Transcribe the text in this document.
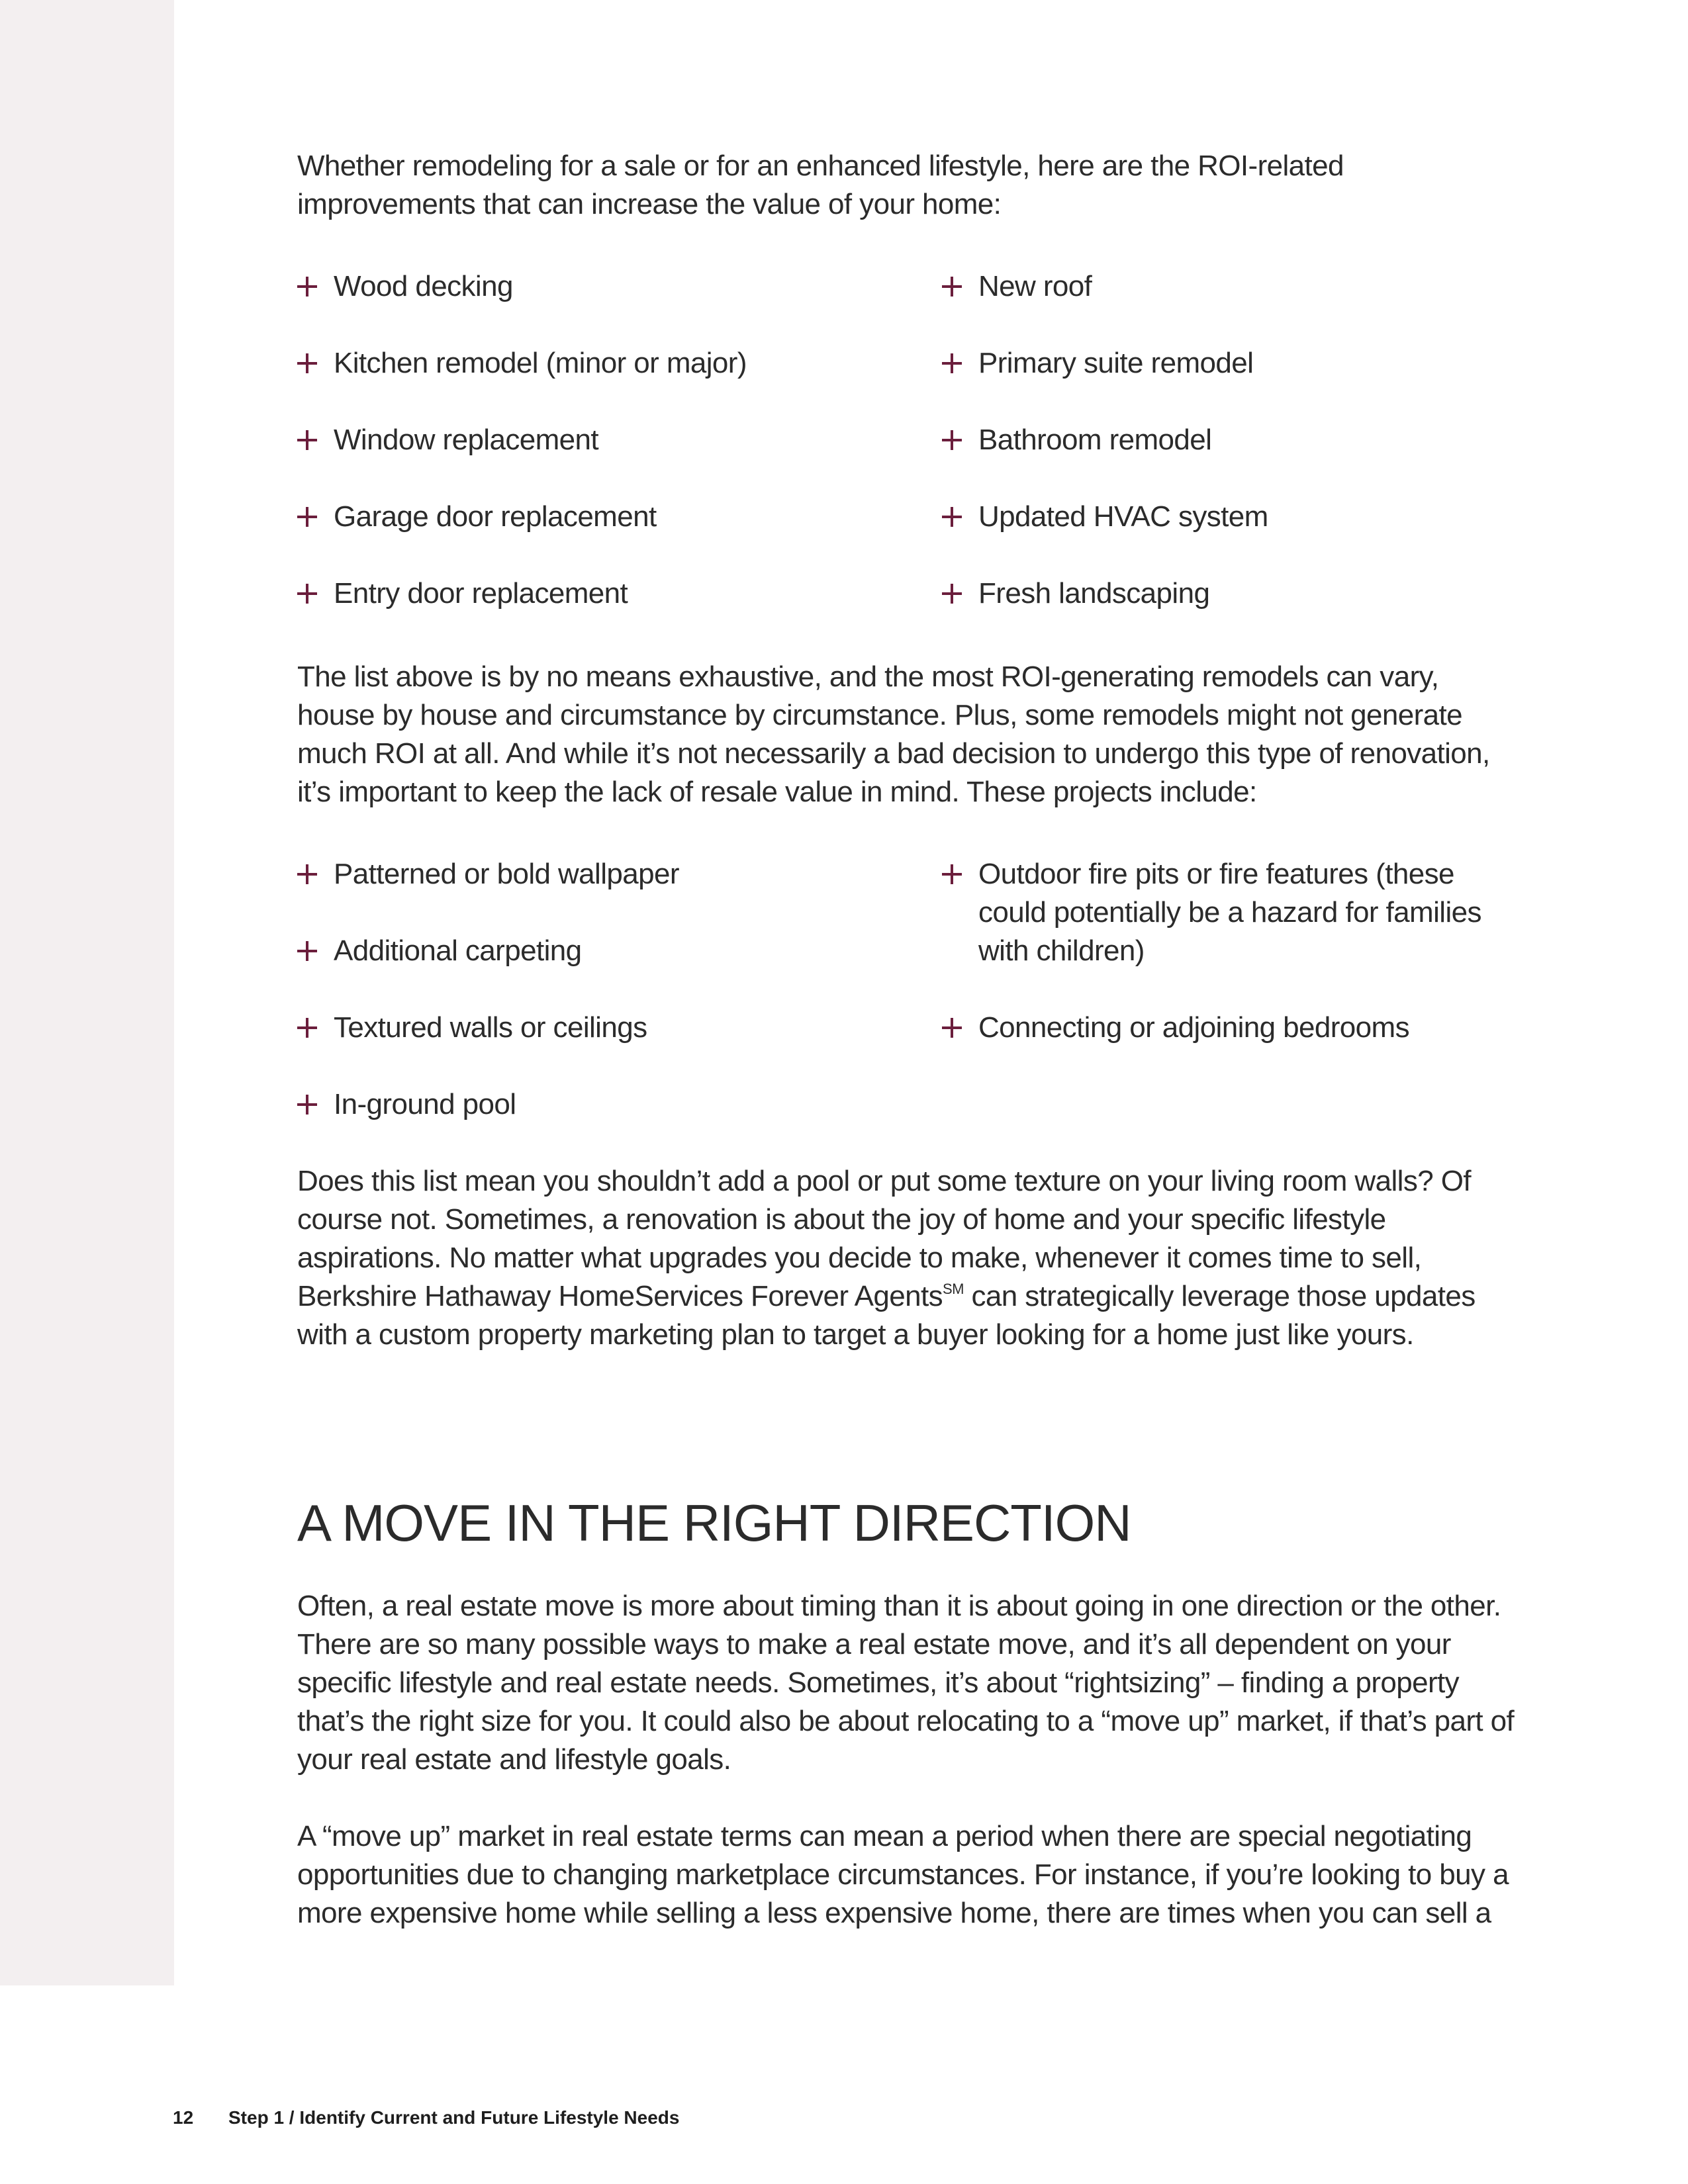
Whether remodeling for a sale or for an enhanced lifestyle, here are the ROI-related improvements that can increase the value of your home:

Wood decking	New roof
Kitchen remodel (minor or major)	Primary suite remodel
Window replacement	Bathroom remodel
Garage door replacement	Updated HVAC system
Entry door replacement	Fresh landscaping

The list above is by no means exhaustive, and the most ROI-generating remodels can vary, house by house and circumstance by circumstance. Plus, some remodels might not generate much ROI at all. And while it’s not necessarily a bad decision to undergo this type of renovation, it’s important to keep the lack of resale value in mind. These projects include:

Patterned or bold wallpaper
Additional carpeting
Textured walls or ceilings
In-ground pool
Outdoor fire pits or fire features (these could potentially be a hazard for families with children)
Connecting or adjoining bedrooms

Does this list mean you shouldn’t add a pool or put some texture on your living room walls? Of course not. Sometimes, a renovation is about the joy of home and your specific lifestyle aspirations. No matter what upgrades you decide to make, whenever it comes time to sell, Berkshire Hathaway HomeServices Forever Agents℠ can strategically leverage those updates with a custom property marketing plan to target a buyer looking for a home just like yours.

A MOVE IN THE RIGHT DIRECTION

Often, a real estate move is more about timing than it is about going in one direction or the other. There are so many possible ways to make a real estate move, and it’s all dependent on your specific lifestyle and real estate needs. Sometimes, it’s about “rightsizing” – finding a property that’s the right size for you. It could also be about relocating to a “move up” market, if that’s part of your real estate and lifestyle goals.

A “move up” market in real estate terms can mean a period when there are special negotiating opportunities due to changing marketplace circumstances. For instance, if you’re looking to buy a more expensive home while selling a less expensive home, there are times when you can sell a

12 Step 1 / Identify Current and Future Lifestyle Needs
